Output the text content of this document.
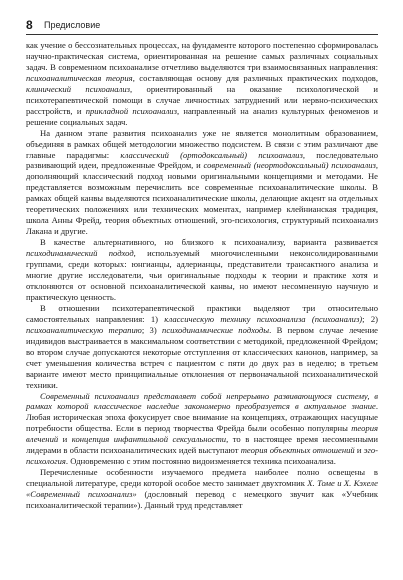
8 Предисловие

как учение о бессознательных процессах, на фундаменте которого постепенно сформировалась научно-практическая система, ориентированная на решение самых различных социальных задач. В современном психоанализе отчетливо выделяются три взаимосвязанных направления: психоаналитическая теория, составляющая основу для различных практических подходов, клинический психоанализ, ориентированный на оказание психологической и психотерапевтической помощи в случае личностных затруднений или нервно-психических расстройств, и прикладной психоанализ, направленный на анализ культурных феноменов и решение социальных задач.

На данном этапе развития психоанализ уже не является монолитным образованием, объединяя в рамках общей методологии множество подсистем. В связи с этим различают две главные парадигмы: классический (ортодоксальный) психоанализ, последовательно развивающий идеи, предложенные Фрейдом, и современный (неортодоксальный) психоанализ, дополняющий классический подход новыми оригинальными концепциями и методами. Не представляется возможным перечислить все современные психоаналитические школы. В рамках общей канвы выделяются психоаналитические школы, делающие акцент на отдельных теоретических положениях или технических моментах, например клейнианская традиция, школа Анны Фрейд, теория объектных отношений, эго-психология, структурный психоанализ Лакана и другие.

В качестве альтернативного, но близкого к психоанализу, варианта развивается психодинамический подход, используемый многочисленными неконсолидированными группами, среди которых: юнгианцы, адлерианцы, представители трансактного анализа и многие другие исследователи, чьи оригинальные подходы к теории и практике хотя и отклоняются от основной психоаналитической канвы, но имеют несомненную научную и практическую ценность.

В отношении психотерапевтической практики выделяют три относительно самостоятельных направления: 1) классическую технику психоанализа (психоанализ); 2) психоаналитическую терапию; 3) психодинамические подходы. В первом случае лечение индивидов выстраивается в максимальном соответствии с методикой, предложенной Фрейдом; во втором случае допускаются некоторые отступления от классических канонов, например, за счет уменьшения количества встреч с пациентом с пяти до двух раз в неделю; в третьем варианте имеют место принципиальные отклонения от первоначальной психоаналитической техники.

Современный психоанализ представляет собой непрерывно развивающуюся систему, в рамках которой классическое наследие закономерно преобразуется в актуальное знание. Любая историческая эпоха фокусирует свое внимание на концепциях, отражающих насущные потребности общества. Если в период творчества Фрейда были особенно популярны теория влечений и концепция инфантильной сексуальности, то в настоящее время несомненными лидерами в области психоаналитических идей выступают теория объектных отношений и эго-психология. Одновременно с этим постоянно видоизменяется техника психоанализа.

Перечисленные особенности изучаемого предмета наиболее полно освещены в специальной литературе, среди которой особое место занимает двухтомник Х. Томе и Х. Кэхеле «Современный психоанализ» (дословный перевод с немецкого звучит как «Учебник психоаналитической терапии»). Данный труд представляет
